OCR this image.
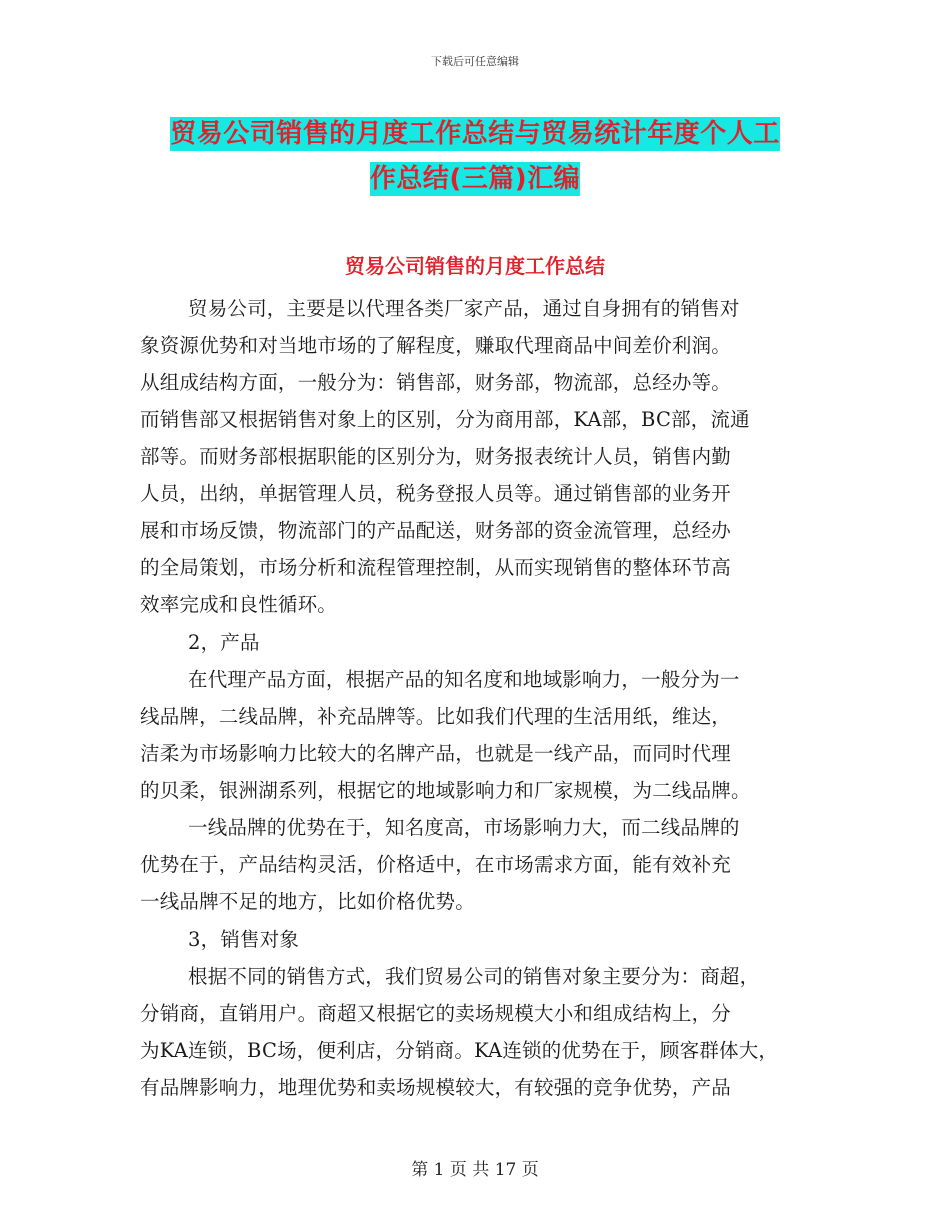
下载后可任意编辑
贸易公司销售的月度工作总结与贸易统计年度个人工
作总结(三篇)汇编
贸易公司销售的月度工作总结
贸易公司，主要是以代理各类厂家产品，通过自身拥有的销售对
象资源优势和对当地市场的了解程度，赚取代理商品中间差价利润。
从组成结构方面，一般分为：销售部，财务部，物流部，总经办等。
而销售部又根据销售对象上的区别，分为商用部，KA部，BC部，流通
部等。而财务部根据职能的区别分为，财务报表统计人员，销售内勤
人员，出纳，单据管理人员，税务登报人员等。通过销售部的业务开
展和市场反馈，物流部门的产品配送，财务部的资金流管理，总经办
的全局策划，市场分析和流程管理控制，从而实现销售的整体环节高
效率完成和良性循环。
2，产品
在代理产品方面，根据产品的知名度和地域影响力，一般分为一
线品牌，二线品牌，补充品牌等。比如我们代理的生活用纸，维达，
洁柔为市场影响力比较大的名牌产品，也就是一线产品，而同时代理
的贝柔，银洲湖系列，根据它的地域影响力和厂家规模，为二线品牌。
一线品牌的优势在于，知名度高，市场影响力大，而二线品牌的
优势在于，产品结构灵活，价格适中，在市场需求方面，能有效补充
一线品牌不足的地方，比如价格优势。
3，销售对象
根据不同的销售方式，我们贸易公司的销售对象主要分为：商超，
分销商，直销用户。商超又根据它的卖场规模大小和组成结构上，分
为KA连锁，BC场，便利店，分销商。KA连锁的优势在于，顾客群体大，
有品牌影响力，地理优势和卖场规模较大，有较强的竞争优势，产品
第 1 页 共 17 页
